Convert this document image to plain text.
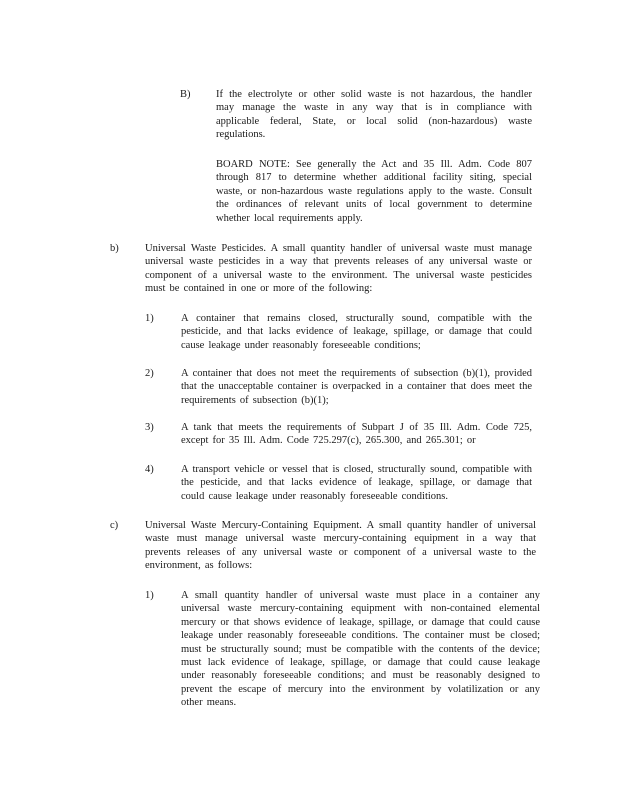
B) If the electrolyte or other solid waste is not hazardous, the handler may manage the waste in any way that is in compliance with applicable federal, State, or local solid (non-hazardous) waste regulations.
BOARD NOTE: See generally the Act and 35 Ill. Adm. Code 807 through 817 to determine whether additional facility siting, special waste, or non-hazardous waste regulations apply to the waste. Consult the ordinances of relevant units of local government to determine whether local requirements apply.
b)	Universal Waste Pesticides. A small quantity handler of universal waste must manage universal waste pesticides in a way that prevents releases of any universal waste or component of a universal waste to the environment. The universal waste pesticides must be contained in one or more of the following:
1)	A container that remains closed, structurally sound, compatible with the pesticide, and that lacks evidence of leakage, spillage, or damage that could cause leakage under reasonably foreseeable conditions;
2)	A container that does not meet the requirements of subsection (b)(1), provided that the unacceptable container is overpacked in a container that does meet the requirements of subsection (b)(1);
3)	A tank that meets the requirements of Subpart J of 35 Ill. Adm. Code 725, except for 35 Ill. Adm. Code 725.297(c), 265.300, and 265.301; or
4)	A transport vehicle or vessel that is closed, structurally sound, compatible with the pesticide, and that lacks evidence of leakage, spillage, or damage that could cause leakage under reasonably foreseeable conditions.
c)	Universal Waste Mercury-Containing Equipment. A small quantity handler of universal waste must manage universal waste mercury-containing equipment in a way that prevents releases of any universal waste or component of a universal waste to the environment, as follows:
1)	A small quantity handler of universal waste must place in a container any universal waste mercury-containing equipment with non-contained elemental mercury or that shows evidence of leakage, spillage, or damage that could cause leakage under reasonably foreseeable conditions. The container must be closed; must be structurally sound; must be compatible with the contents of the device; must lack evidence of leakage, spillage, or damage that could cause leakage under reasonably foreseeable conditions; and must be reasonably designed to prevent the escape of mercury into the environment by volatilization or any other means.
